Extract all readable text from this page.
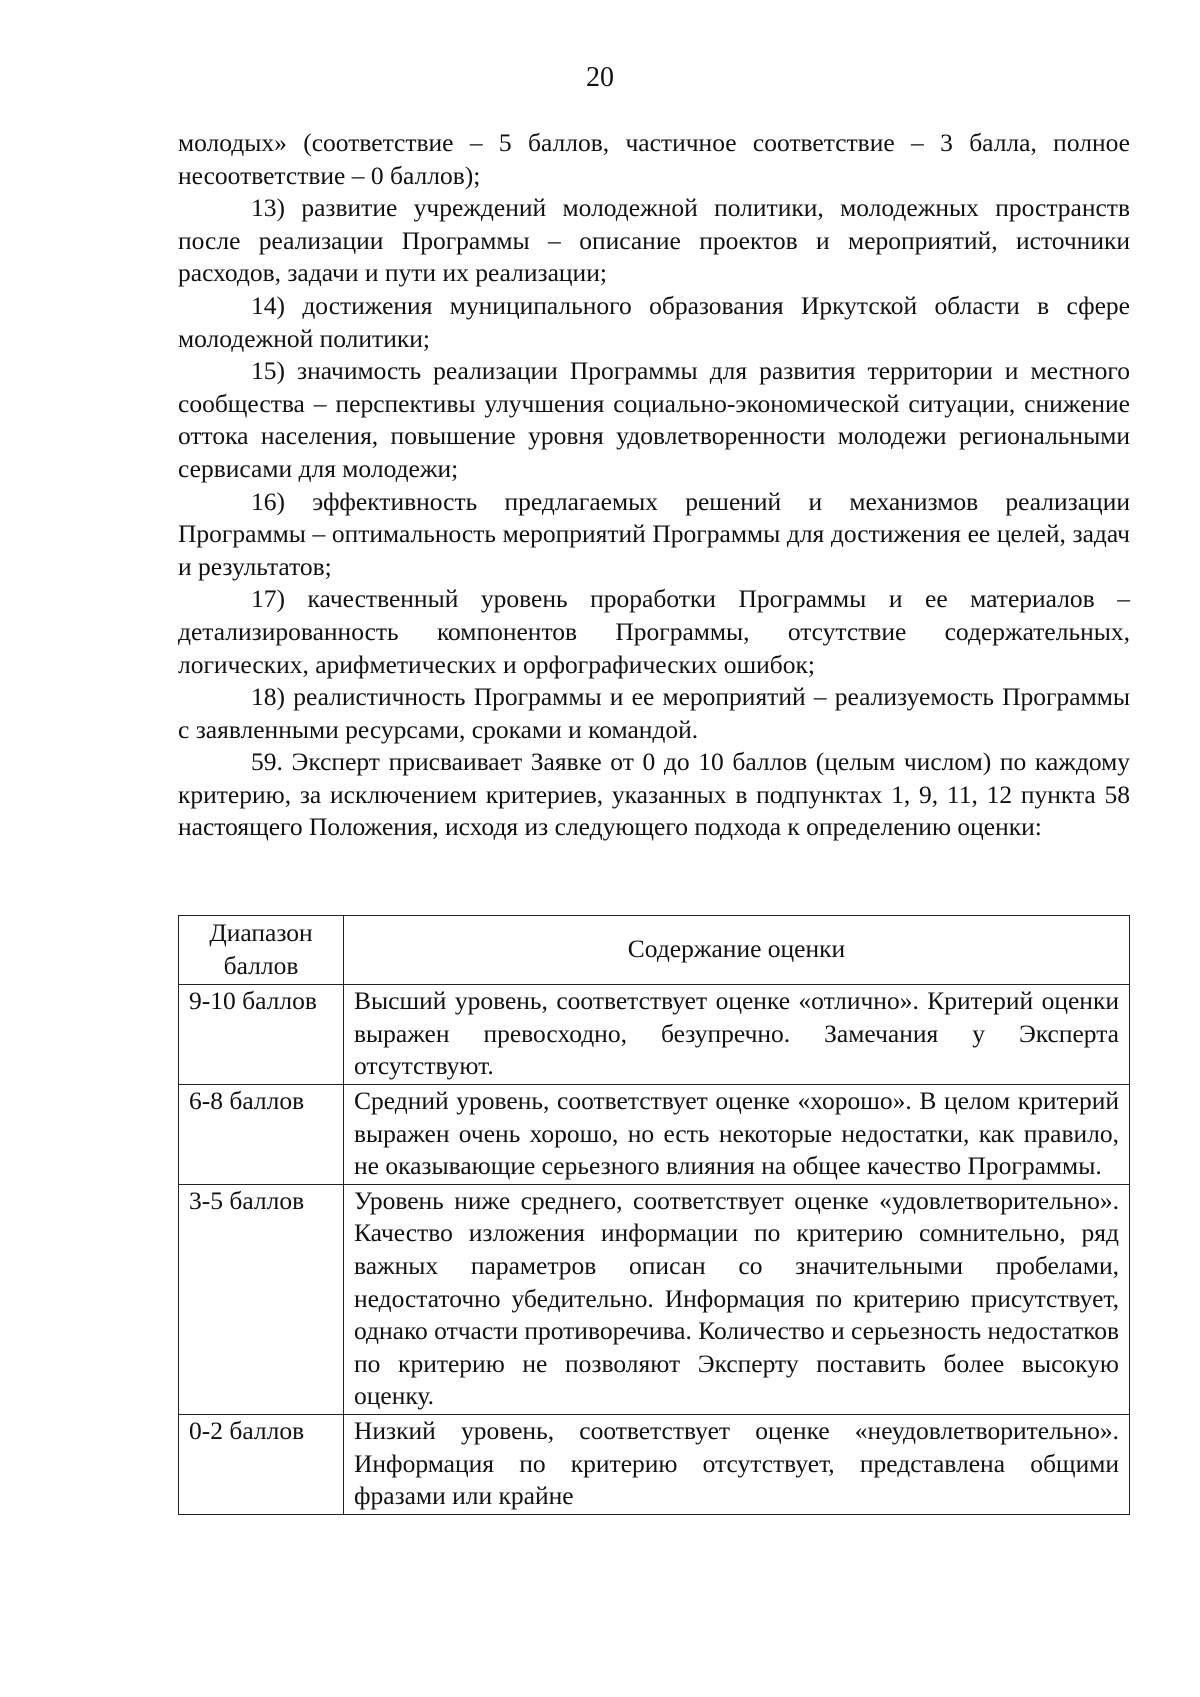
20

молодых» (соответствие – 5 баллов, частичное соответствие – 3 балла, полное несоответствие – 0 баллов);

13) развитие учреждений молодежной политики, молодежных пространств после реализации Программы – описание проектов и мероприятий, источники расходов, задачи и пути их реализации;

14) достижения муниципального образования Иркутской области в сфере молодежной политики;

15) значимость реализации Программы для развития территории и местного сообщества – перспективы улучшения социально-экономической ситуации, снижение оттока населения, повышение уровня удовлетворенности молодежи региональными сервисами для молодежи;

16) эффективность предлагаемых решений и механизмов реализации Программы – оптимальность мероприятий Программы для достижения ее целей, задач и результатов;

17) качественный уровень проработки Программы и ее материалов – детализированность компонентов Программы, отсутствие содержательных, логических, арифметических и орфографических ошибок;

18) реалистичность Программы и ее мероприятий – реализуемость Программы с заявленными ресурсами, сроками и командой.

59. Эксперт присваивает Заявке от 0 до 10 баллов (целым числом) по каждому критерию, за исключением критериев, указанных в подпунктах 1, 9, 11, 12 пункта 58 настоящего Положения, исходя из следующего подхода к определению оценки:

Диапазон
баллов	Содержание оценки
9-10 баллов	Высший уровень, соответствует оценке «отлично». Критерий оценки выражен превосходно, безупречно. Замечания у Эксперта отсутствуют.
6-8 баллов	Средний уровень, соответствует оценке «хорошо». В целом критерий выражен очень хорошо, но есть некоторые недостатки, как правило, не оказывающие серьезного влияния на общее качество Программы.
3-5 баллов	Уровень ниже среднего, соответствует оценке «удовлетворительно». Качество изложения информации по критерию сомнительно, ряд важных параметров описан со значительными пробелами, недостаточно убедительно. Информация по критерию присутствует, однако отчасти противоречива. Количество и серьезность недостатков по критерию не позволяют Эксперту поставить более высокую оценку.
0-2 баллов	Низкий уровень, соответствует оценке «неудовлетворительно». Информация по критерию отсутствует, представлена общими фразами или крайне
